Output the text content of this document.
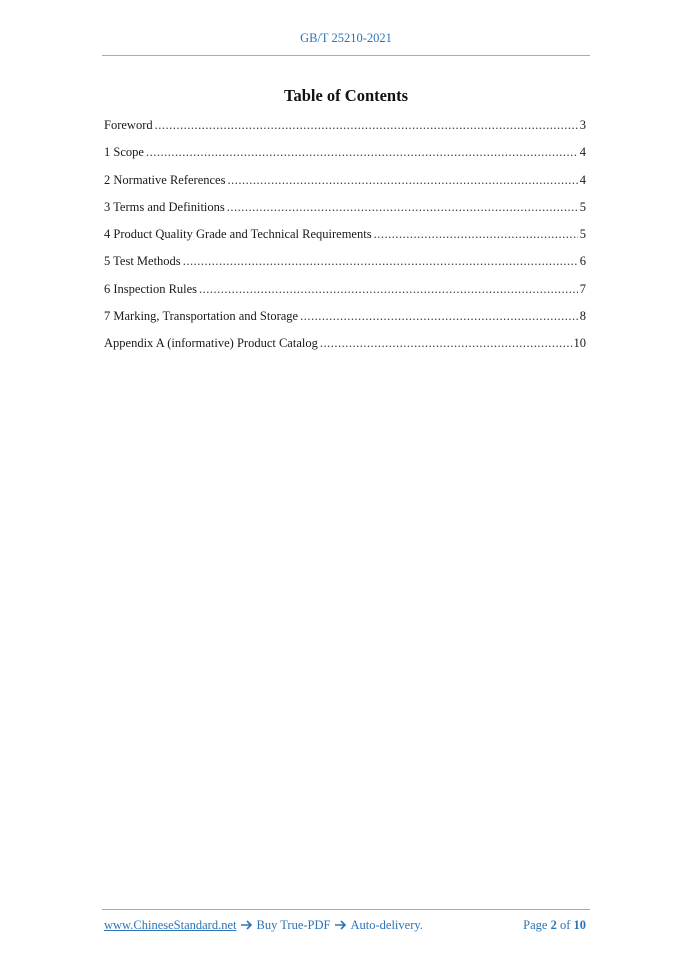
GB/T 25210-2021
Table of Contents
Foreword .....	3
1 Scope .....	4
2 Normative References .....	4
3 Terms and Definitions .....	5
4 Product Quality Grade and Technical Requirements .....	5
5 Test Methods .....	6
6 Inspection Rules .....	7
7 Marking, Transportation and Storage .....	8
Appendix A (informative) Product Catalog .....	10
www.ChineseStandard.net Buy True-PDF Auto-delivery.	Page 2 of 10
